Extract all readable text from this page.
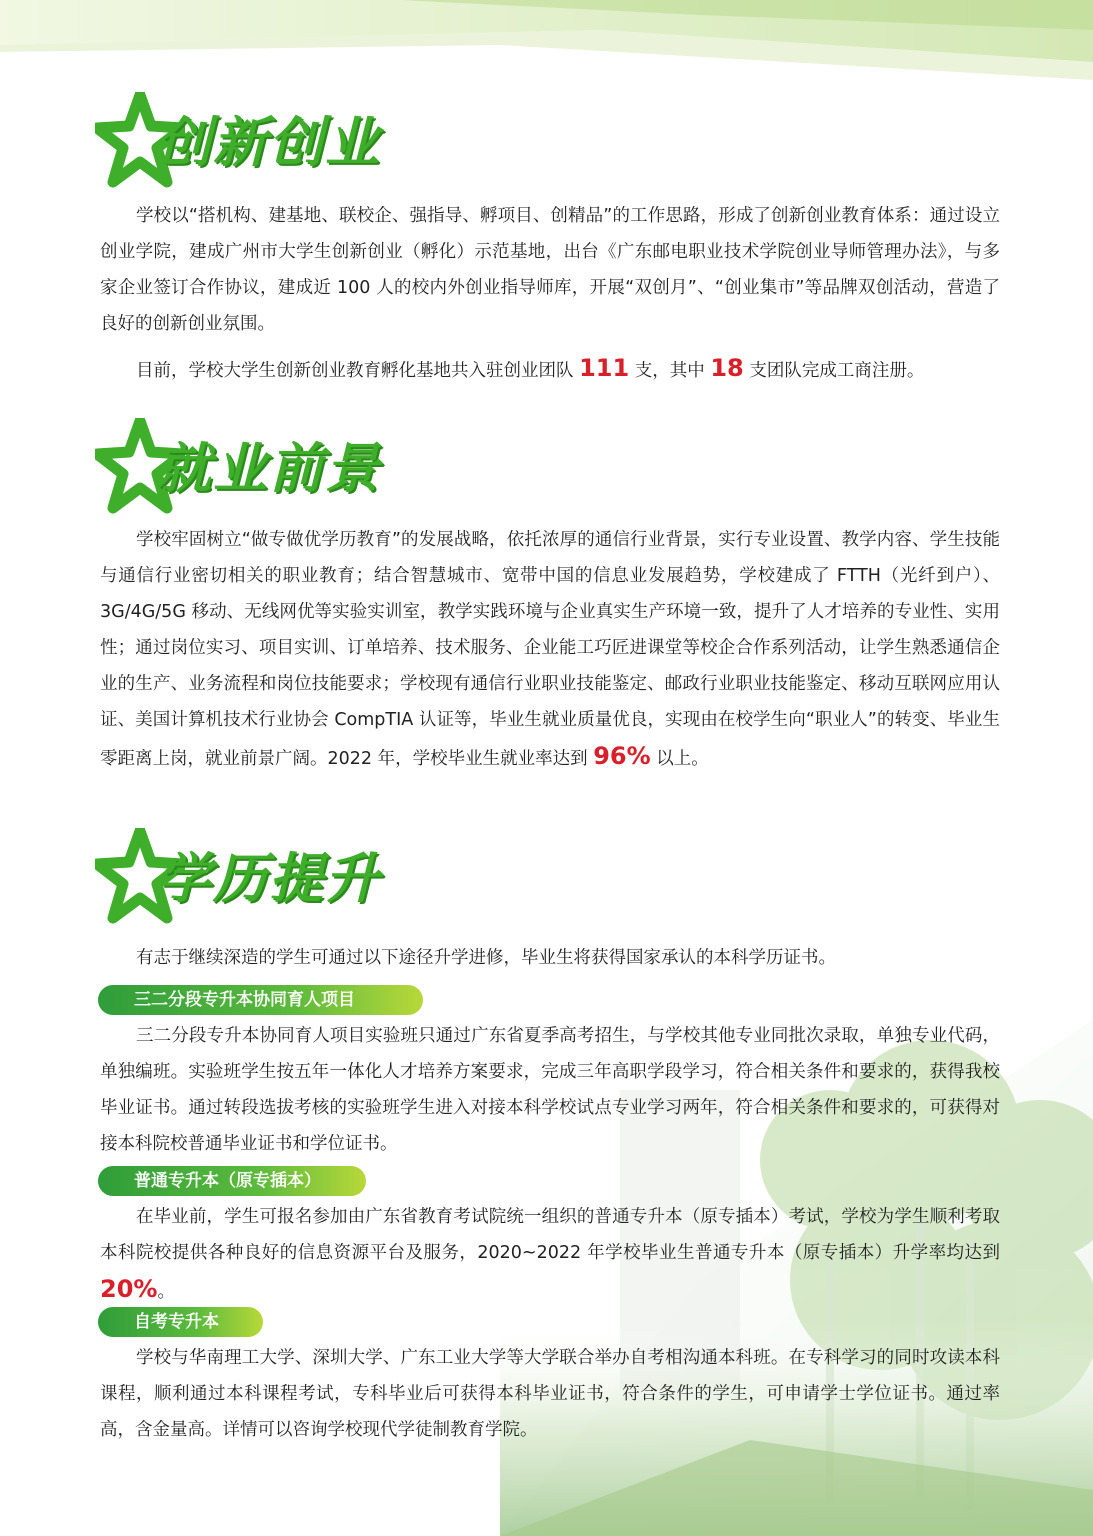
创新创业

学校以“搭机构、建基地、联校企、强指导、孵项目、创精品”的工作思路，形成了创新创业教育体系：通过设立创业学院，建成广州市大学生创新创业（孵化）示范基地，出台《广东邮电职业技术学院创业导师管理办法》，与多家企业签订合作协议，建成近 100 人的校内外创业指导师库，开展“双创月”、“创业集市”等品牌双创活动，营造了良好的创新创业氛围。

目前，学校大学生创新创业教育孵化基地共入驻创业团队 111 支，其中 18 支团队完成工商注册。

就业前景

学校牢固树立“做专做优学历教育”的发展战略，依托浓厚的通信行业背景，实行专业设置、教学内容、学生技能与通信行业密切相关的职业教育；结合智慧城市、宽带中国的信息业发展趋势，学校建成了 FTTH（光纤到户）、3G/4G/5G 移动、无线网优等实验实训室，教学实践环境与企业真实生产环境一致，提升了人才培养的专业性、实用性；通过岗位实习、项目实训、订单培养、技术服务、企业能工巧匠进课堂等校企合作系列活动，让学生熟悉通信企业的生产、业务流程和岗位技能要求；学校现有通信行业职业技能鉴定、邮政行业职业技能鉴定、移动互联网应用认证、美国计算机技术行业协会 CompTIA 认证等，毕业生就业质量优良，实现由在校学生向“职业人”的转变、毕业生零距离上岗，就业前景广阔。2022 年，学校毕业生就业率达到 96% 以上。

学历提升

有志于继续深造的学生可通过以下途径升学进修，毕业生将获得国家承认的本科学历证书。

三二分段专升本协同育人项目

三二分段专升本协同育人项目实验班只通过广东省夏季高考招生，与学校其他专业同批次录取，单独专业代码，单独编班。实验班学生按五年一体化人才培养方案要求，完成三年高职学段学习，符合相关条件和要求的，获得我校毕业证书。通过转段选拔考核的实验班学生进入对接本科学校试点专业学习两年，符合相关条件和要求的，可获得对接本科院校普通毕业证书和学位证书。

普通专升本（原专插本）

在毕业前，学生可报名参加由广东省教育考试院统一组织的普通专升本（原专插本）考试，学校为学生顺利考取本科院校提供各种良好的信息资源平台及服务，2020~2022 年学校毕业生普通专升本（原专插本）升学率均达到20%。

自考专升本

学校与华南理工大学、深圳大学、广东工业大学等大学联合举办自考相沟通本科班。在专科学习的同时攻读本科课程，顺利通过本科课程考试，专科毕业后可获得本科毕业证书，符合条件的学生，可申请学士学位证书。通过率高，含金量高。详情可以咨询学校现代学徒制教育学院。
